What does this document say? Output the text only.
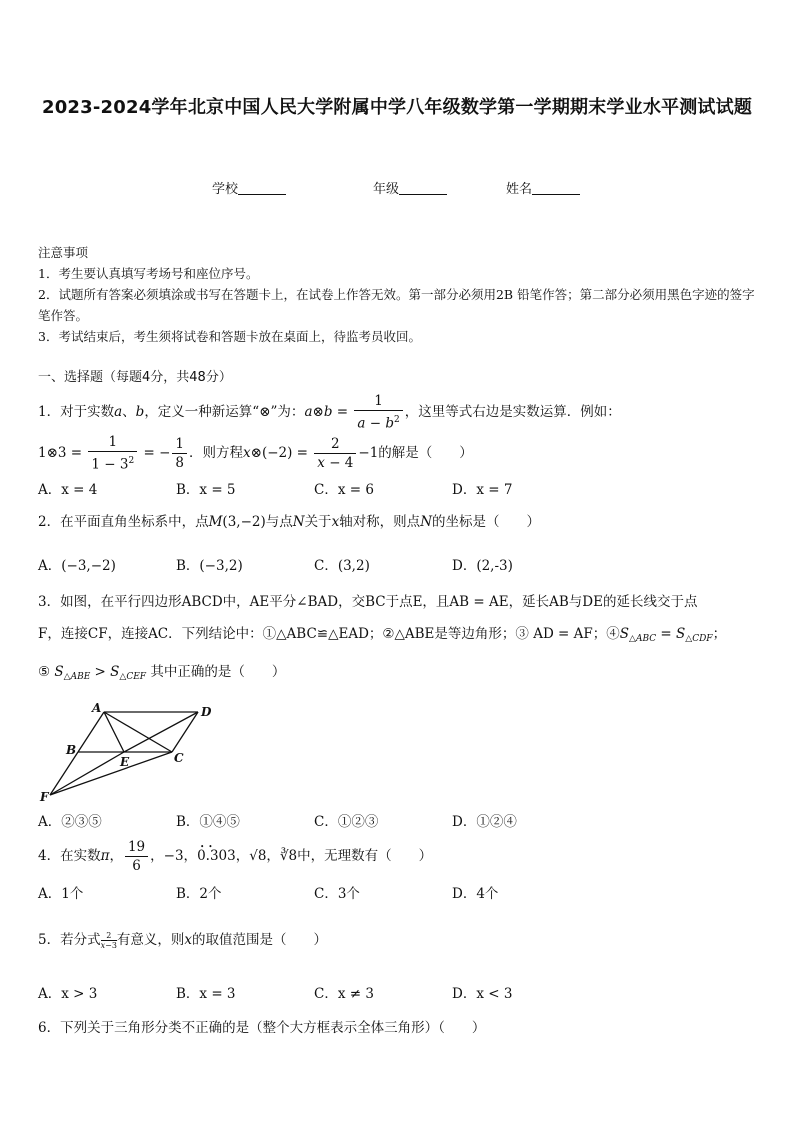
2023-2024学年北京中国人民大学附属中学八年级数学第一学期期末学业水平测试试题
学校	年级	姓名

注意事项

1．考生要认真填写考场号和座位序号。

2．试题所有答案必须填涂或书写在答题卡上，在试卷上作答无效。第一部分必须用2B 铅笔作答；第二部分必须用黑色字迹的签字笔作答。

3．考试结束后，考生须将试卷和答题卡放在桌面上，待监考员收回。

一、选择题（每题4分，共48分）

1．对于实数a、b，定义一种新运算“⊗”为：a⊗b = $\frac{1}{a - b^2}$ ，这里等式右边是实数运算．例如：

1⊗3 = $\frac{1}{1 - 3^2}$ = − $\frac{1}{8}$ ．则方程x⊗(−2) = $\frac{2}{x - 4} -1$的解是（　　）

A．x = 4	B．x = 5	C．x = 6	D．x = 7

2．在平面直角坐标系中，点M(3,−2)与点N关于x轴对称，则点N的坐标是（　　）

A．(−3,−2)	B．(−3,2)	C．(3,2)	D．(2,-3)

3．如图，在平行四边形ABCD中，AE平分∠BAD，交BC于点E，且AB = AE，延长AB与DE的延长线交于点

F，连接CF，连接AC．下列结论中：①△ABC≌△EAD；②△ABE是等边角形；③ AD = AF；$④S_{\triangle ABC} = S_{\triangle CDF}$；

⑤ $S_{\triangle ABE} > S_{\triangle CEF}$ 其中正确的是（　　）

A	D
B
E	C
F
A．②③⑤	B．①④⑤	C．①②③	D．①②④

4．在实数π， $\frac{19}{6}$ ，−3，• • 0.303，√8，∛8中，无理数有（　　）

A．1个	B．2个	C．3个	D．4个

5．若分式 $\frac{2}{x-3}$ 有意义，则x的取值范围是（　　）

A．x > 3	B．x = 3	C．x ≠ 3	D．x < 3

6．下列关于三角形分类不正确的是（整个大方框表示全体三角形）（　　）
